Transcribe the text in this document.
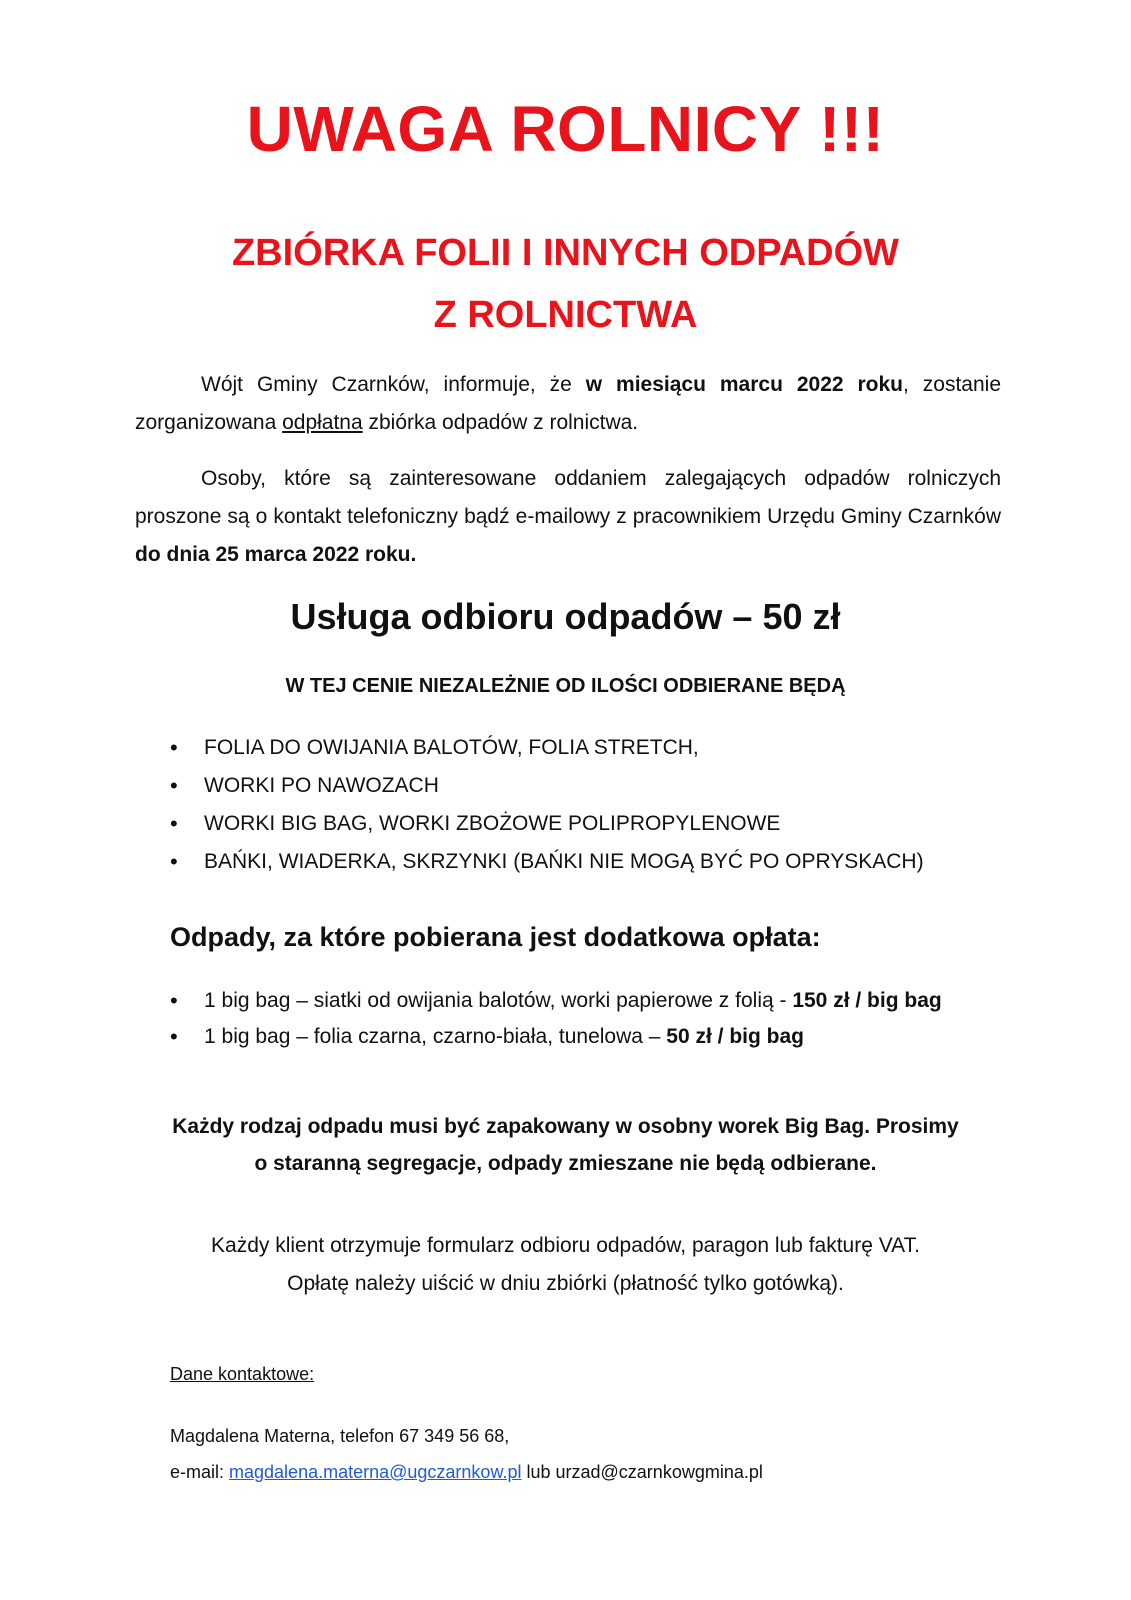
UWAGA ROLNICY !!!
ZBIÓRKA FOLII I INNYCH ODPADÓW
Z ROLNICTWA
Wójt Gminy Czarnków, informuje, że w miesiącu marcu 2022 roku, zostanie zorganizowana odpłatna zbiórka odpadów z rolnictwa.
Osoby, które są zainteresowane oddaniem zalegających odpadów rolniczych proszone są o kontakt telefoniczny bądź e-mailowy z pracownikiem Urzędu Gminy Czarnków do dnia 25 marca 2022 roku.
Usługa odbioru odpadów – 50 zł
W TEJ CENIE NIEZALEŻNIE OD ILOŚCI ODBIERANE BĘDĄ
• FOLIA DO OWIJANIA BALOTÓW, FOLIA STRETCH,
• WORKI PO NAWOZACH
• WORKI BIG BAG, WORKI ZBOŻOWE POLIPROPYLENOWE
• BAŃKI, WIADERKA, SKRZYNKI (BAŃKI NIE MOGĄ BYĆ PO OPRYSKACH)
Odpady, za które pobierana jest dodatkowa opłata:
• 1 big bag – siatki od owijania balotów, worki papierowe z folią - 150 zł / big bag
• 1 big bag – folia czarna, czarno-biała, tunelowa – 50 zł / big bag
Każdy rodzaj odpadu musi być zapakowany w osobny worek Big Bag. Prosimy
o staranną segregacje, odpady zmieszane nie będą odbierane.
Każdy klient otrzymuje formularz odbioru odpadów, paragon lub fakturę VAT.
Opłatę należy uiścić w dniu zbiórki (płatność tylko gotówką).
Dane kontaktowe:
Magdalena Materna, telefon 67 349 56 68,
e-mail: magdalena.materna@ugczarnkow.pl lub urzad@czarnkowgmina.pl
